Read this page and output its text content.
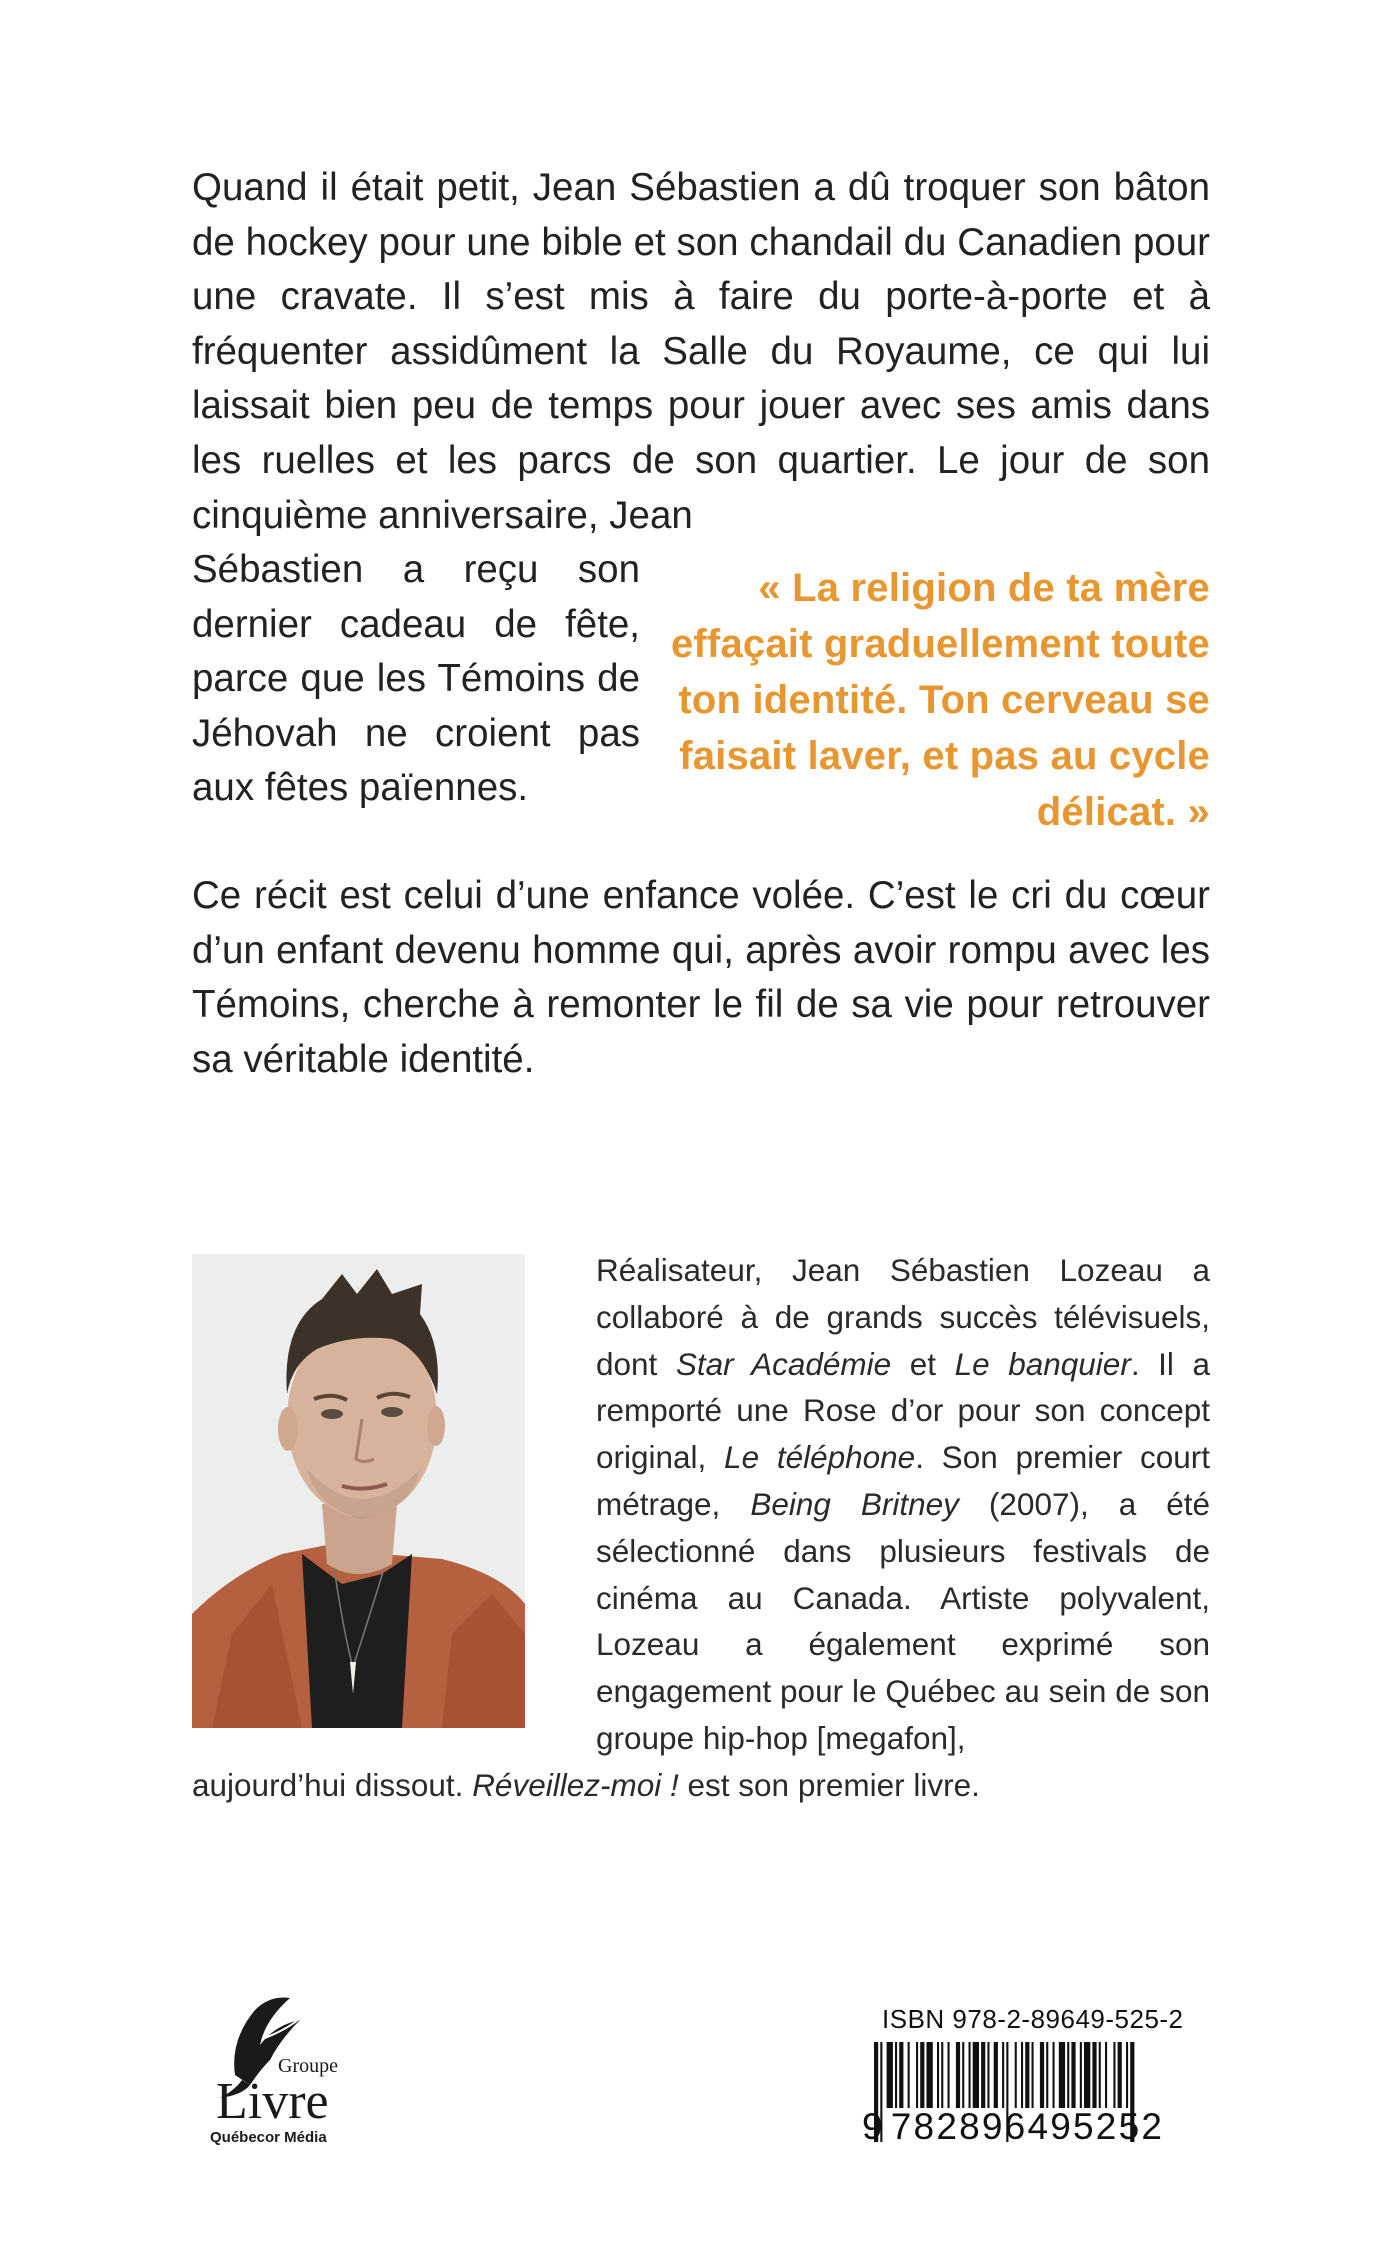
Quand il était petit, Jean Sébastien a dû troquer son bâton de hockey pour une bible et son chandail du Canadien pour une cravate. Il s’est mis à faire du porte-à-porte et à fréquenter assidûment la Salle du Royaume, ce qui lui laissait bien peu de temps pour jouer avec ses amis dans les ruelles et les parcs de son quartier. Le jour de son cinquième anniversaire, Jean

Sébastien a reçu son dernier cadeau de fête, parce que les Témoins de Jéhovah ne croient pas aux fêtes païennes.
« La religion de ta mère effaçait graduellement toute ton identité. Ton cerveau se faisait laver, et pas au cycle délicat. »

Ce récit est celui d’une enfance volée. C’est le cri du cœur d’un enfant devenu homme qui, après avoir rompu avec les Témoins, cherche à remonter le fil de sa vie pour retrouver sa véritable identité.

Réalisateur, Jean Sébastien Lozeau a collaboré à de grands succès télévisuels, dont Star Académie et Le banquier. Il a remporté une Rose d’or pour son concept original, Le téléphone. Son premier court métrage, Being Britney (2007), a été sélectionné dans plusieurs festivals de cinéma au Canada. Artiste polyvalent, Lozeau a également exprimé son engagement pour le Québec au sein de son groupe hip-hop [megafon],
aujourd’hui dissout. Réveillez-moi ! est son premier livre.
Groupe
Livre
Québecor Média
ISBN 978-2-89649-525-2
9 782896495252
